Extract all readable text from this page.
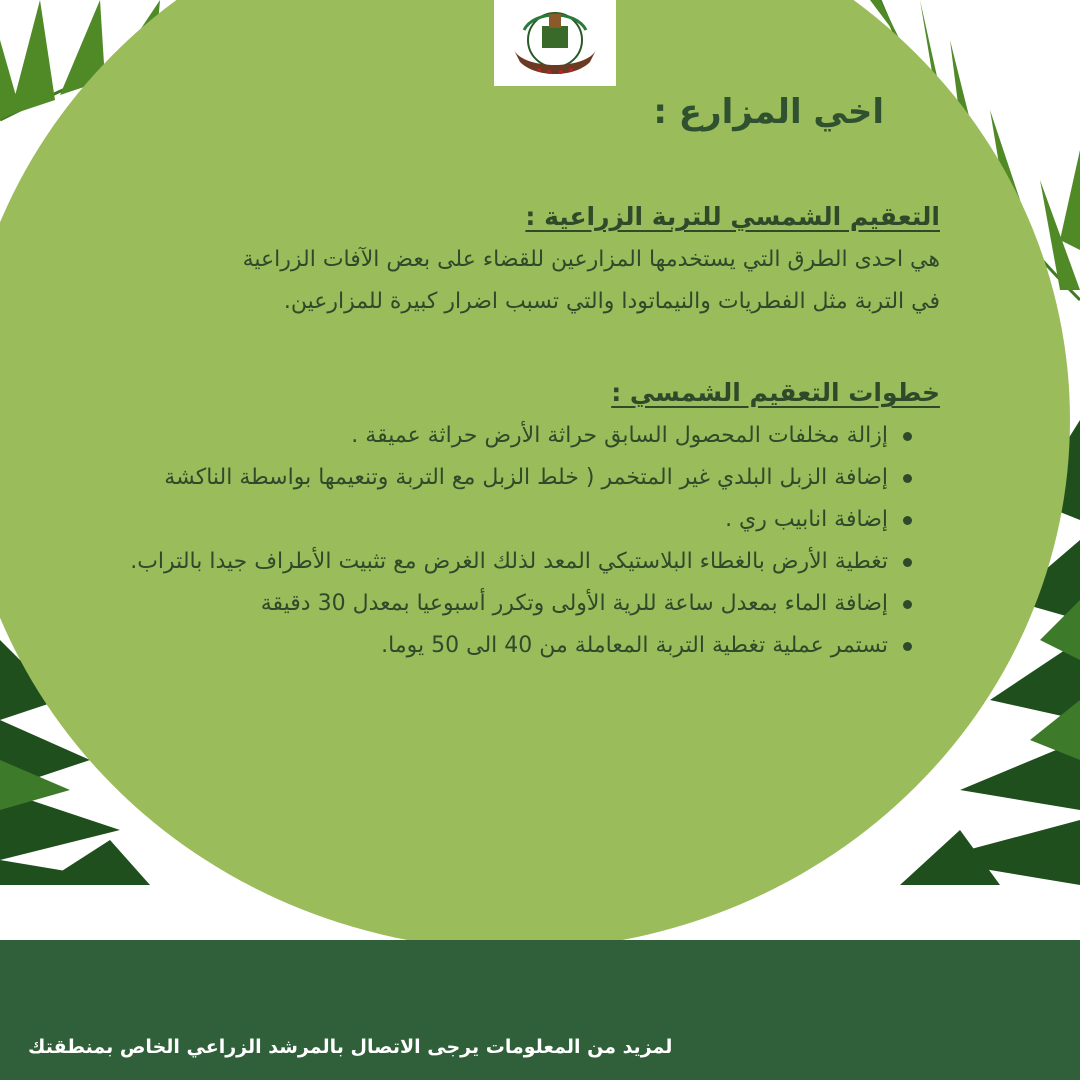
لمزيد من المعلومات يرجى الاتصال بالمرشد الزراعي الخاص بمنطقتك
اخي المزارع :

التعقيم الشمسي للتربة الزراعية :

هي احدى الطرق التي يستخدمها المزارعين للقضاء على بعض الآفات الزراعية

في التربة مثل الفطريات والنيماتودا والتي تسبب اضرار كبيرة للمزارعين.

خطوات التعقيم الشمسي :

إزالة مخلفات المحصول السابق حراثة الأرض حراثة عميقة .
إضافة الزبل البلدي غير المتخمر ( خلط الزبل مع التربة وتنعيمها بواسطة الناكشة
إضافة انابيب ري .
تغطية الأرض بالغطاء البلاستيكي المعد لذلك الغرض مع تثبيت الأطراف جيدا بالتراب.
إضافة الماء بمعدل ساعة للرية الأولى وتكرر أسبوعيا بمعدل 30 دقيقة
تستمر عملية تغطية التربة المعاملة من 40 الى 50 يوما.
